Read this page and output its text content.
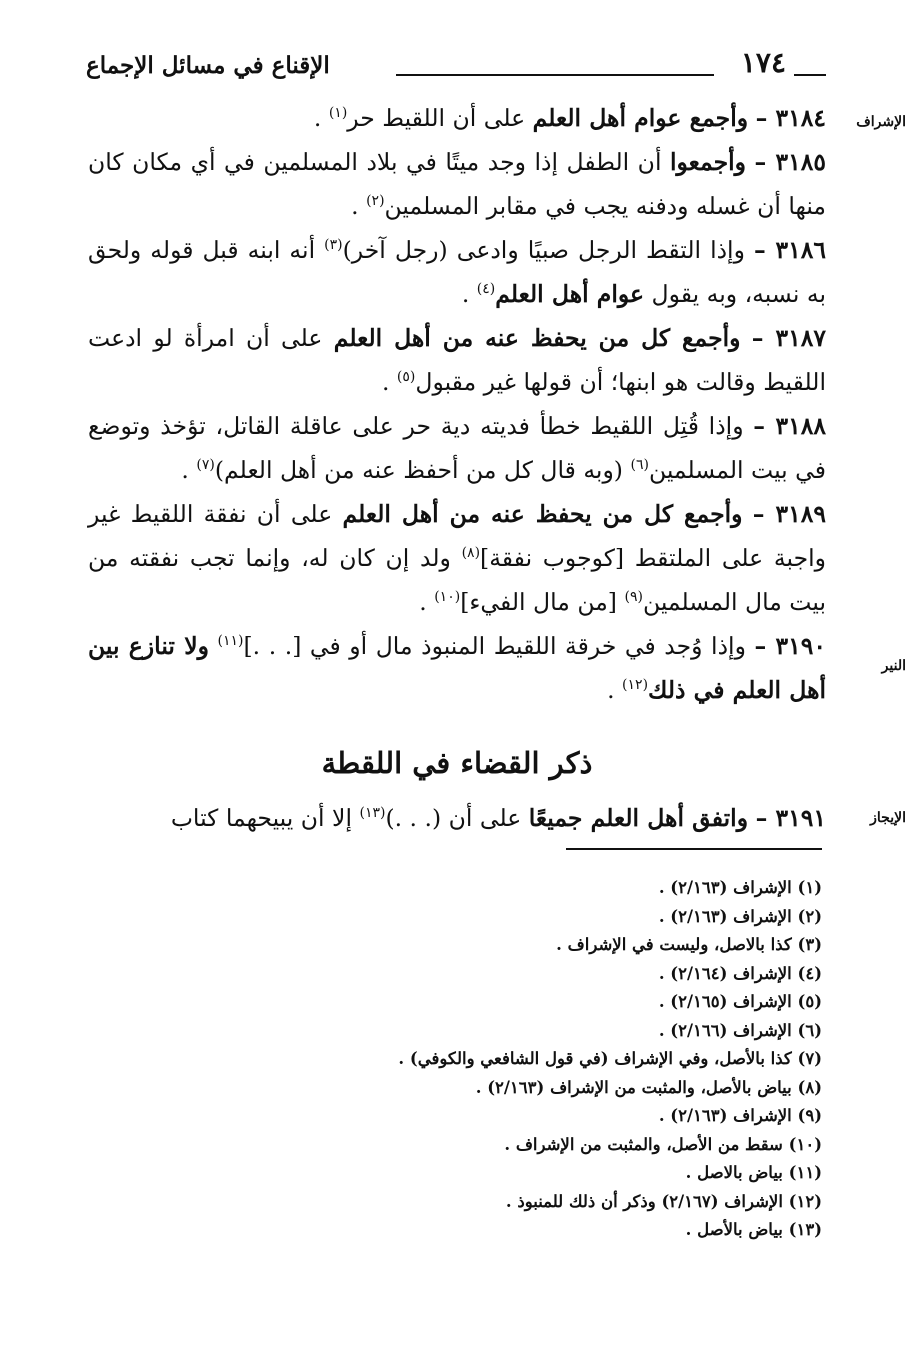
١٧٤
الإقناع في مسائل الإجماع
الإشراف
النير
الإيجاز

٣١٨٤ – وأجمع عوام أهل العلم على أن اللقيط حر$^{(١)}$ .

٣١٨٥ – وأجمعوا أن الطفل إذا وجد ميتًا في بلاد المسلمين في أي مكان كان منها أن غسله ودفنه يجب في مقابر المسلمين$^{(٢)}$ .

٣١٨٦ – وإذا التقط الرجل صبيًا وادعى (رجل آخر)$^{(٣)}$ أنه ابنه قبل قوله ولحق به نسبه، وبه يقول عوام أهل العلم$^{(٤)}$ .

٣١٨٧ – وأجمع كل من يحفظ عنه من أهل العلم على أن امرأة لو ادعت اللقيط وقالت هو ابنها؛ أن قولها غير مقبول$^{(٥)}$ .

٣١٨٨ – وإذا قُتِل اللقيط خطأ فديته دية حر على عاقلة القاتل، تؤخذ وتوضع في بيت المسلمين$^{(٦)}$ (وبه قال كل من أحفظ عنه من أهل العلم)$^{(٧)}$ .

٣١٨٩ – وأجمع كل من يحفظ عنه من أهل العلم على أن نفقة اللقيط غير واجبة على الملتقط [كوجوب نفقة]$^{(٨)}$ ولد إن كان له، وإنما تجب نفقته من بيت مال المسلمين$^{(٩)}$ [من مال الفيء]$^{(١٠)}$ .

٣١٩٠ – وإذا وُجد في خرقة اللقيط المنبوذ مال أو في [. . .]$^{(١١)}$ ولا تنازع بين أهل العلم في ذلك$^{(١٢)}$ .

ذكر القضاء في اللقطة

٣١٩١ – واتفق أهل العلم جميعًا على أن (. . .)$^{(١٣)}$ إلا أن يبيحهما كتاب

(١) الإشراف (٢/١٦٣) .
(٢) الإشراف (٢/١٦٣) .
(٣) كذا بالاصل، وليست في الإشراف .
(٤) الإشراف (٢/١٦٤) .
(٥) الإشراف (٢/١٦٥) .
(٦) الإشراف (٢/١٦٦) .
(٧) كذا بالأصل، وفي الإشراف (في قول الشافعي والكوفي) .
(٨) بياض بالأصل، والمثبت من الإشراف (٢/١٦٣) .
(٩) الإشراف (٢/١٦٣) .
(١٠) سقط من الأصل، والمثبت من الإشراف .
(١١) بياض بالاصل .
(١٢) الإشراف (٢/١٦٧) وذكر أن ذلك للمنبوذ .
(١٣) بياض بالأصل .
